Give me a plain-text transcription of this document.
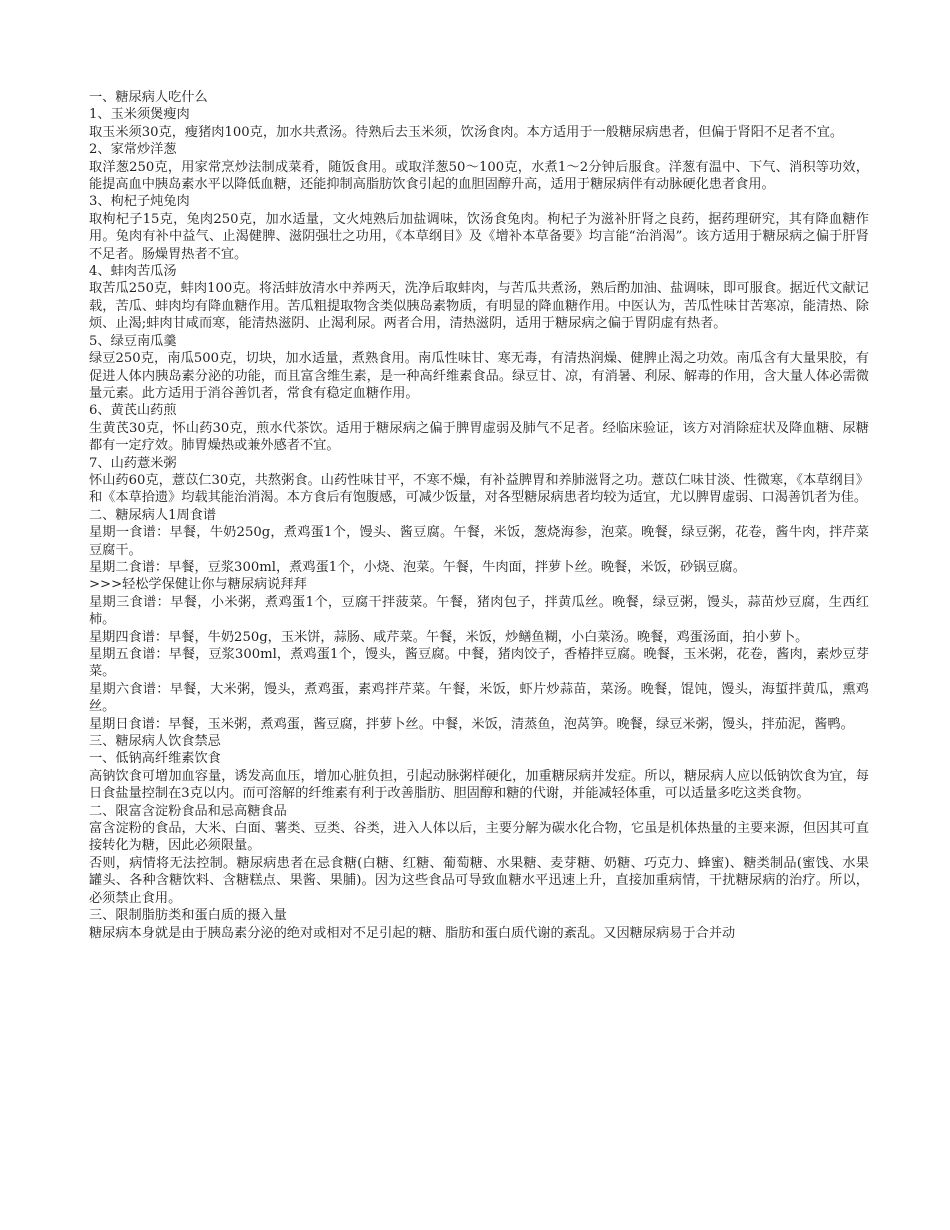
一、糖尿病人吃什么
1、玉米须煲瘦肉

取玉米须30克，瘦猪肉100克，加水共煮汤。待熟后去玉米须，饮汤食肉。本方适用于一般糖尿病患者，但偏于肾阳不足者不宜。

2、家常炒洋葱

取洋葱250克，用家常烹炒法制成菜肴，随饭食用。或取洋葱50～100克，水煮1～2分钟后服食。洋葱有温中、下气、消积等功效，能提高血中胰岛素水平以降低血糖，还能抑制高脂肪饮食引起的血胆固醇升高，适用于糖尿病伴有动脉硬化患者食用。

3、枸杞子炖兔肉

取枸杞子15克，兔肉250克，加水适量，文火炖熟后加盐调味，饮汤食兔肉。枸杞子为滋补肝肾之良药，据药理研究，其有降血糖作用。兔肉有补中益气、止渴健脾、滋阴强壮之功用，《本草纲目》及《增补本草备要》均言能“治消渴”。该方适用于糖尿病之偏于肝肾不足者。肠燥胃热者不宜。

4、蚌肉苦瓜汤

取苦瓜250克，蚌肉100克。将活蚌放清水中养两天，洗净后取蚌肉，与苦瓜共煮汤，熟后酌加油、盐调味，即可服食。据近代文献记载，苦瓜、蚌肉均有降血糖作用。苦瓜粗提取物含类似胰岛素物质，有明显的降血糖作用。中医认为，苦瓜性味甘苦寒凉，能清热、除烦、止渴;蚌肉甘咸而寒，能清热滋阴、止渴利尿。两者合用，清热滋阴，适用于糖尿病之偏于胃阴虚有热者。

5、绿豆南瓜羹

绿豆250克，南瓜500克，切块，加水适量，煮熟食用。南瓜性味甘、寒无毒，有清热润燥、健脾止渴之功效。南瓜含有大量果胶，有促进人体内胰岛素分泌的功能，而且富含维生素，是一种高纤维素食品。绿豆甘、凉，有消暑、利尿、解毒的作用，含大量人体必需微量元素。此方适用于消谷善饥者，常食有稳定血糖作用。

6、黄芪山药煎

生黄芪30克，怀山药30克，煎水代茶饮。适用于糖尿病之偏于脾胃虚弱及肺气不足者。经临床验证，该方对消除症状及降血糖、尿糖都有一定疗效。肺胃燥热或兼外感者不宜。

7、山药薏米粥

怀山药60克，薏苡仁30克，共熬粥食。山药性味甘平，不寒不燥，有补益脾胃和养肺滋肾之功。薏苡仁味甘淡、性微寒，《本草纲目》和《本草拾遗》均载其能治消渴。本方食后有饱腹感，可减少饭量，对各型糖尿病患者均较为适宜，尤以脾胃虚弱、口渴善饥者为佳。

二、糖尿病人1周食谱

星期一食谱：早餐，牛奶250g，煮鸡蛋1个，馒头、酱豆腐。午餐，米饭，葱烧海参，泡菜。晚餐，绿豆粥，花卷，酱牛肉，拌芹菜豆腐干。

星期二食谱：早餐，豆浆300ml，煮鸡蛋1个，小烧、泡菜。午餐，牛肉面，拌萝卜丝。晚餐，米饭，砂锅豆腐。

>>>轻松学保健让你与糖尿病说拜拜

星期三食谱：早餐，小米粥，煮鸡蛋1个，豆腐干拌菠菜。午餐，猪肉包子，拌黄瓜丝。晚餐，绿豆粥，馒头，蒜苗炒豆腐，生西红柿。

星期四食谱：早餐，牛奶250g，玉米饼，蒜肠、咸芹菜。午餐，米饭，炒鳝鱼糊，小白菜汤。晚餐，鸡蛋汤面，拍小萝卜。

星期五食谱：早餐，豆浆300ml，煮鸡蛋1个，馒头，酱豆腐。中餐，猪肉饺子，香椿拌豆腐。晚餐，玉米粥，花卷，酱肉，素炒豆芽菜。

星期六食谱：早餐，大米粥，馒头，煮鸡蛋，素鸡拌芹菜。午餐，米饭，虾片炒蒜苗，菜汤。晚餐，馄饨，馒头，海蜇拌黄瓜，熏鸡丝。

星期日食谱：早餐，玉米粥，煮鸡蛋，酱豆腐，拌萝卜丝。中餐，米饭，清蒸鱼，泡莴笋。晚餐，绿豆米粥，馒头，拌茄泥，酱鸭。

三、糖尿病人饮食禁忌
一、低钠高纤维素饮食

高钠饮食可增加血容量，诱发高血压，增加心脏负担，引起动脉粥样硬化，加重糖尿病并发症。所以，糖尿病人应以低钠饮食为宜，每日食盐量控制在3克以内。而可溶解的纤维素有利于改善脂肪、胆固醇和糖的代谢，并能减轻体重，可以适量多吃这类食物。

二、限富含淀粉食品和忌高糖食品

富含淀粉的食品，大米、白面、薯类、豆类、谷类，进入人体以后，主要分解为碳水化合物，它虽是机体热量的主要来源，但因其可直接转化为糖，因此必须限量。

否则，病情将无法控制。糖尿病患者在忌食糖(白糖、红糖、葡萄糖、水果糖、麦芽糖、奶糖、巧克力、蜂蜜)、糖类制品(蜜饯、水果罐头、各种含糖饮料、含糖糕点、果酱、果脯)。因为这些食品可导致血糖水平迅速上升，直接加重病情，干扰糖尿病的治疗。所以，必须禁止食用。

三、限制脂肪类和蛋白质的摄入量

糖尿病本身就是由于胰岛素分泌的绝对或相对不足引起的糖、脂肪和蛋白质代谢的紊乱。又因糖尿病易于合并动
